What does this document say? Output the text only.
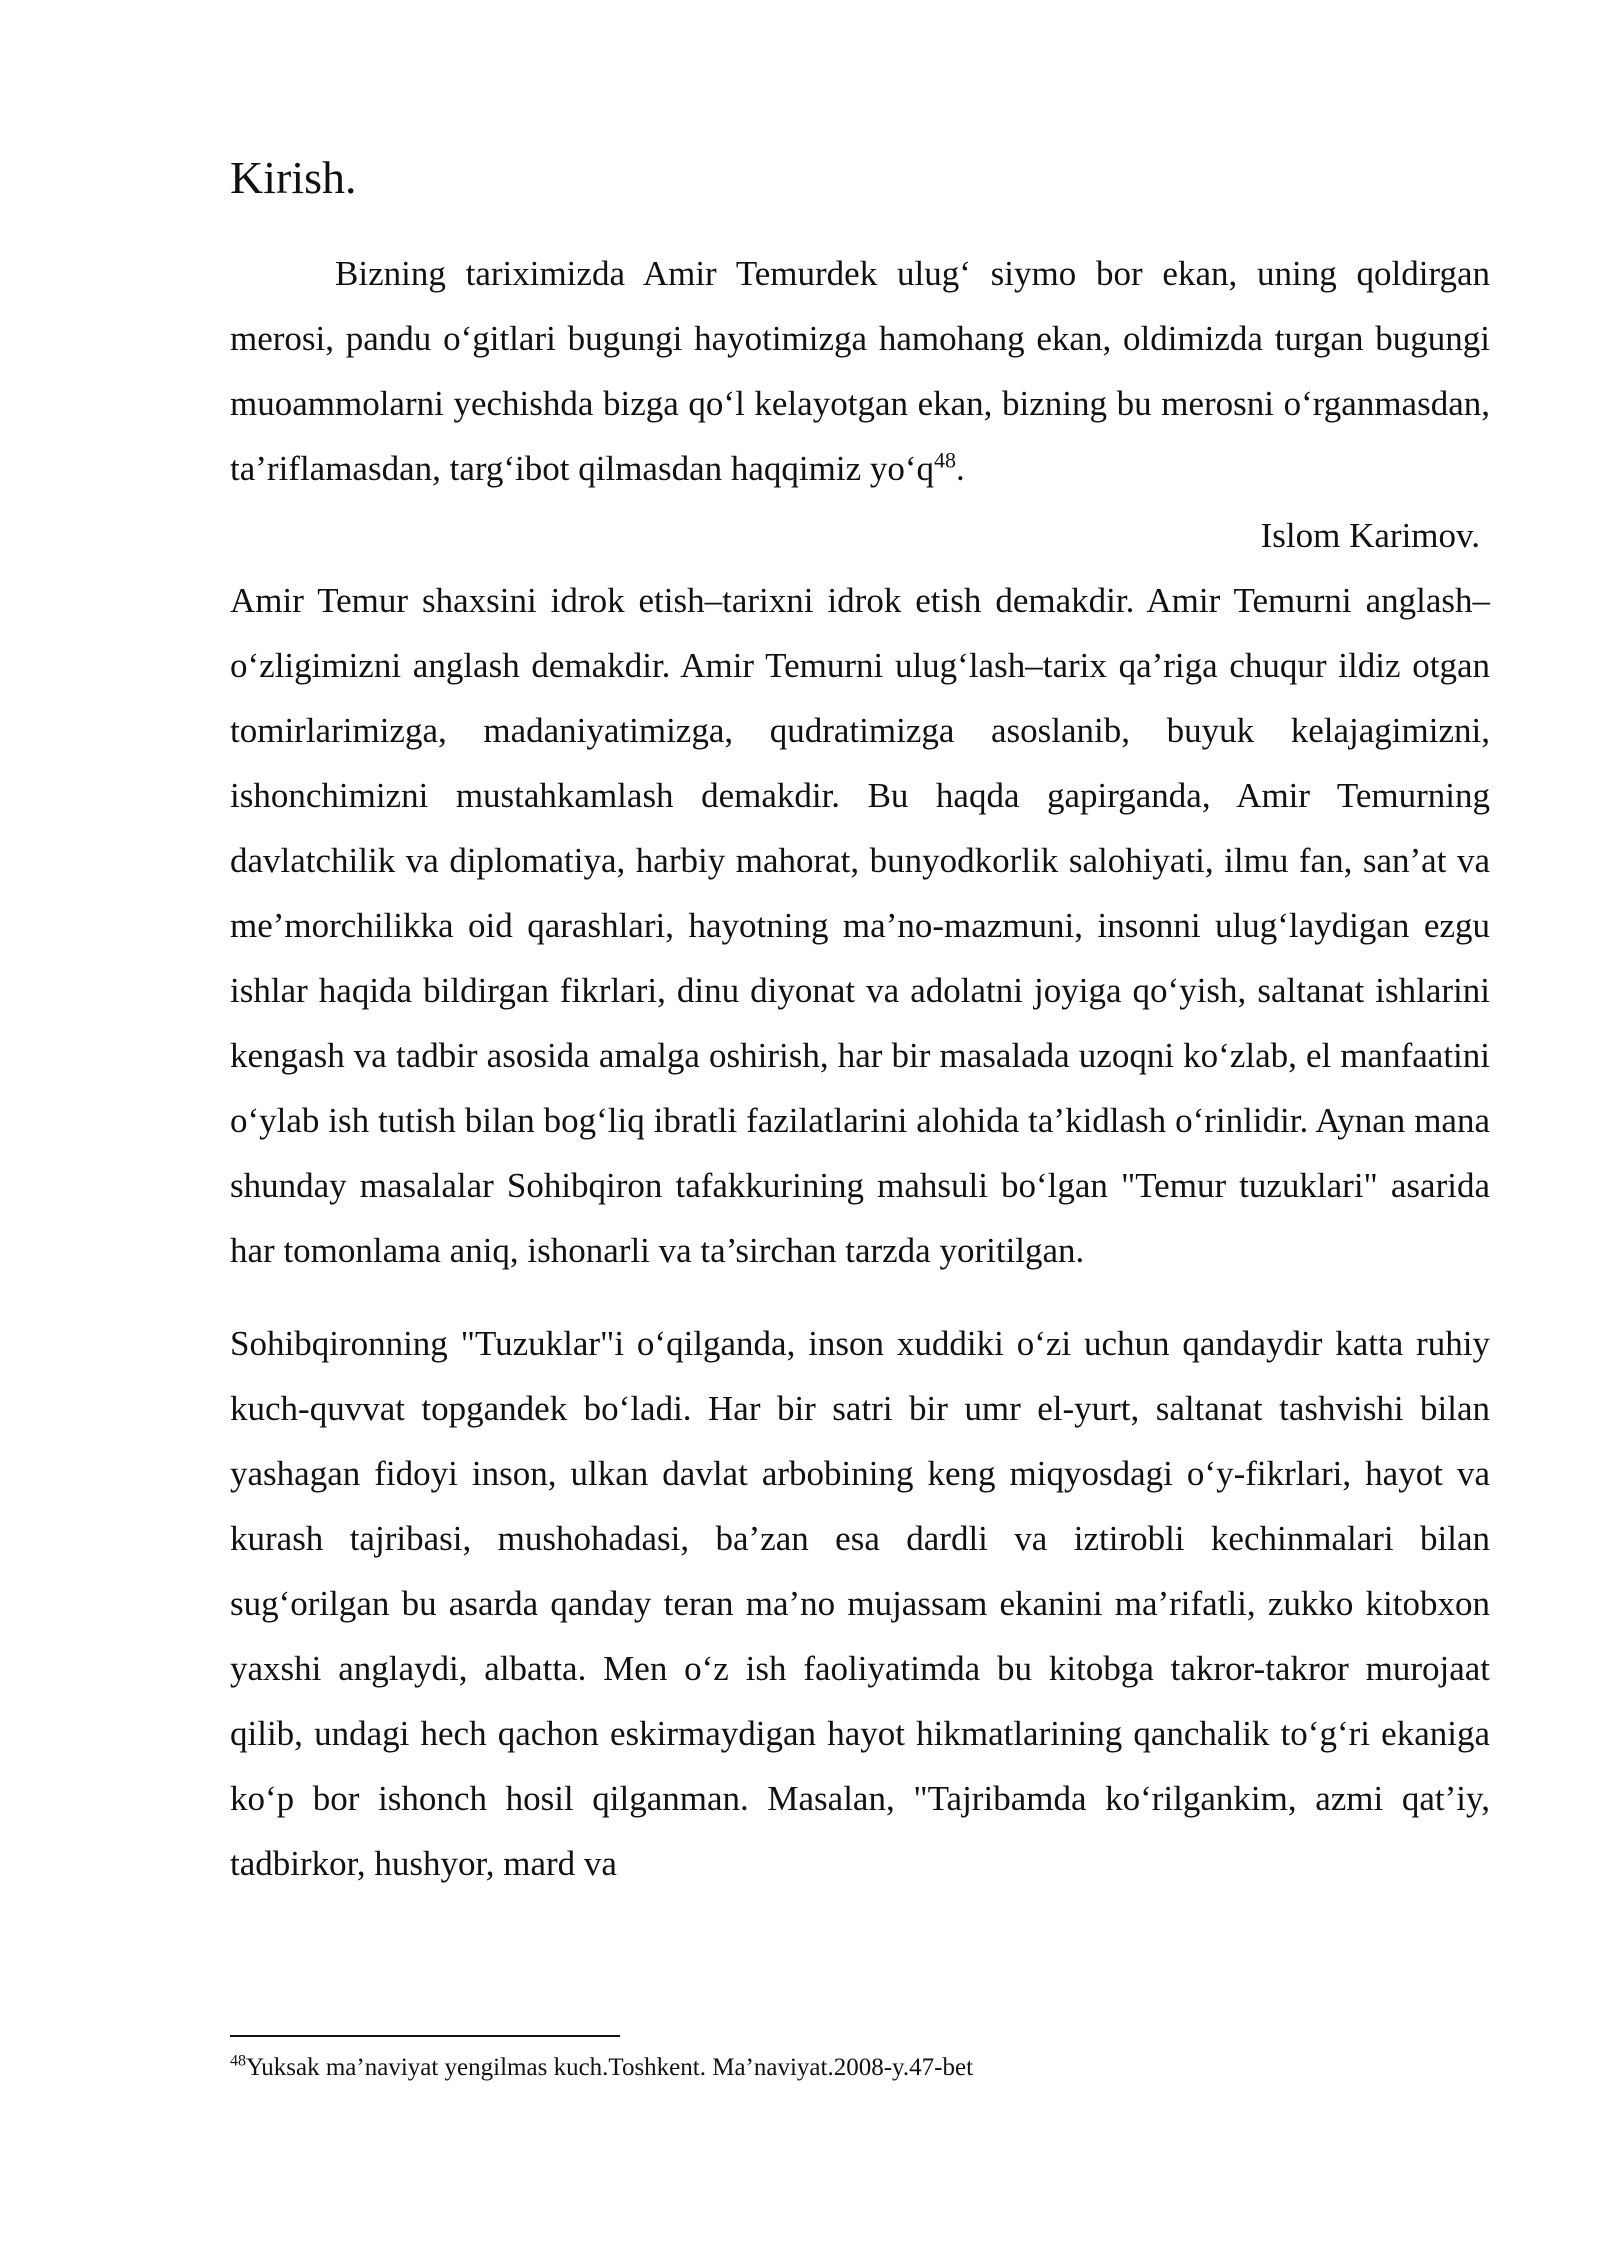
Kirish.

Bizning tariximizda Amir Temurdek ulug‘ siymo bor ekan, uning qoldirgan merosi, pandu o‘gitlari bugungi hayotimizga hamohang ekan, oldimizda turgan bugungi muoammolarni yechishda bizga qo‘l kelayotgan ekan, bizning bu merosni o‘rganmasdan, ta’riflamasdan, targ‘ibot qilmasdan haqqimiz yo‘q$^{48}$.

Islom Karimov.

Amir Temur shaxsini idrok etish–tarixni idrok etish demakdir. Amir Temurni anglash–o‘zligimizni anglash demakdir. Amir Temurni ulug‘lash–tarix qa’riga chuqur ildiz otgan tomirlarimizga, madaniyatimizga, qudratimizga asoslanib, buyuk kelajagimizni, ishonchimizni mustahkamlash demakdir. Bu haqda gapirganda, Amir Temurning davlatchilik va diplomatiya, harbiy mahorat, bunyodkorlik salohiyati, ilmu fan, san’at va me’morchilikka oid qarashlari, hayotning ma’no-mazmuni, insonni ulug‘laydigan ezgu ishlar haqida bildirgan fikrlari, dinu diyonat va adolatni joyiga qo‘yish, saltanat ishlarini kengash va tadbir asosida amalga oshirish, har bir masalada uzoqni ko‘zlab, el manfaatini o‘ylab ish tutish bilan bog‘liq ibratli fazilatlarini alohida ta’kidlash o‘rinlidir. Aynan mana shunday masalalar Sohibqiron tafakkurining mahsuli bo‘lgan "Temur tuzuklari" asarida har tomonlama aniq, ishonarli va ta’sirchan tarzda yoritilgan.

Sohibqironning "Tuzuklar"i o‘qilganda, inson xuddiki o‘zi uchun qandaydir katta ruhiy kuch-quvvat topgandek bo‘ladi. Har bir satri bir umr el-yurt, saltanat tashvishi bilan yashagan fidoyi inson, ulkan davlat arbobining keng miqyosdagi o‘y-fikrlari, hayot va kurash tajribasi, mushohadasi, ba’zan esa dardli va iztirobli kechinmalari bilan sug‘orilgan bu asarda qanday teran ma’no mujassam ekanini ma’rifatli, zukko kitobxon yaxshi anglaydi, albatta. Men o‘z ish faoliyatimda bu kitobga takror-takror murojaat qilib, undagi hech qachon eskirmaydigan hayot hikmatlarining qanchalik to‘g‘ri ekaniga ko‘p bor ishonch hosil qilganman. Masalan, "Tajribamda ko‘rilgankim, azmi qat’iy, tadbirkor, hushyor, mard va

$^{48}$Yuksak ma’naviyat yengilmas kuch.Toshkent. Ma’naviyat.2008-y.47-bet
